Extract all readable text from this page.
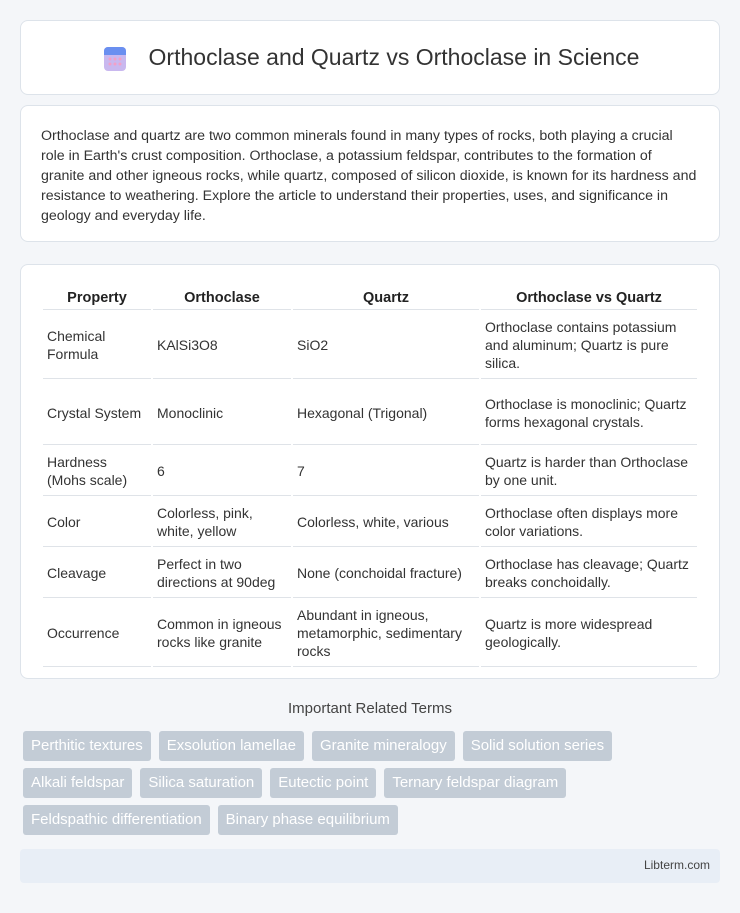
Orthoclase and Quartz vs Orthoclase in Science

Orthoclase and quartz are two common minerals found in many types of rocks, both playing a crucial role in Earth's crust composition. Orthoclase, a potassium feldspar, contributes to the formation of granite and other igneous rocks, while quartz, composed of silicon dioxide, is known for its hardness and resistance to weathering. Explore the article to understand their properties, uses, and significance in geology and everyday life.

Property	Orthoclase	Quartz	Orthoclase vs Quartz
Chemical Formula	KAlSi3O8	SiO2	Orthoclase contains potassium and aluminum; Quartz is pure silica.
Crystal System	Monoclinic	Hexagonal (Trigonal)	Orthoclase is monoclinic; Quartz forms hexagonal crystals.
Hardness (Mohs scale)	6	7	Quartz is harder than Orthoclase by one unit.
Color	Colorless, pink, white, yellow	Colorless, white, various	Orthoclase often displays more color variations.
Cleavage	Perfect in two directions at 90deg	None (conchoidal fracture)	Orthoclase has cleavage; Quartz breaks conchoidally.
Occurrence	Common in igneous rocks like granite	Abundant in igneous, metamorphic, sedimentary rocks	Quartz is more widespread geologically.
Important Related Terms
Perthitic textures	Exsolution lamellae	Granite mineralogy	Solid solution series
Alkali feldspar	Silica saturation	Eutectic point	Ternary feldspar diagram
Feldspathic differentiation	Binary phase equilibrium
Libterm.com
